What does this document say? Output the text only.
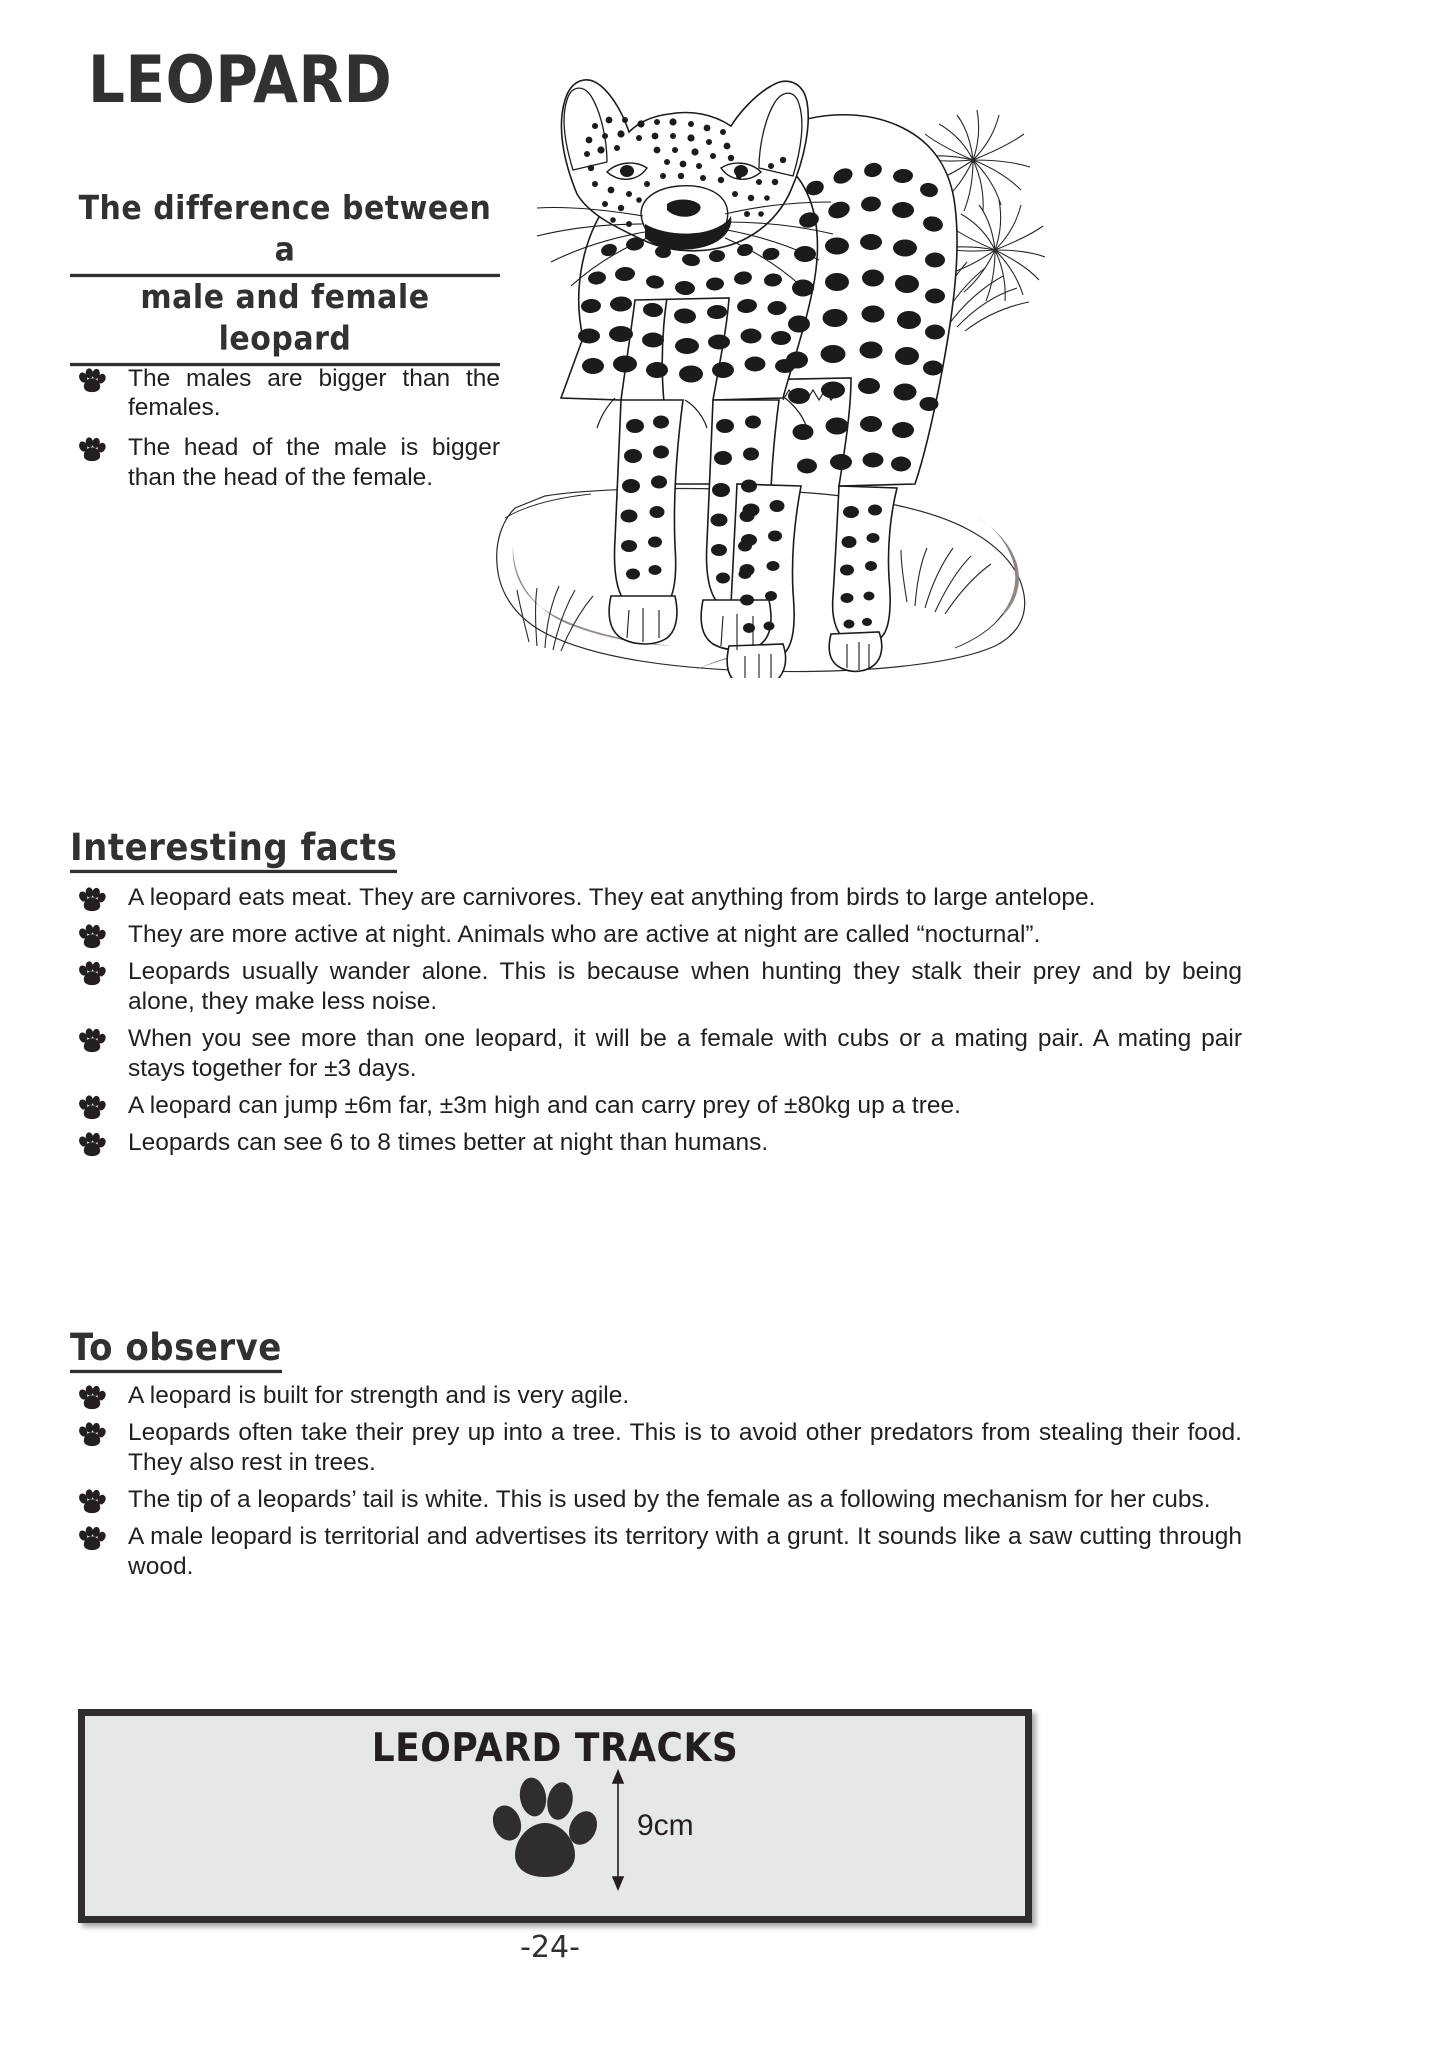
LEOPARD
The difference between a
male and female leopard
The males are bigger than the females.
The head of the male is bigger than the head of the female.
Interesting facts
A leopard eats meat. They are carnivores. They eat anything from birds to large antelope.
They are more active at night. Animals who are active at night are called “nocturnal”.
Leopards usually wander alone. This is because when hunting they stalk their prey and by being alone, they make less noise.
When you see more than one leopard, it will be a female with cubs or a mating pair. A mating pair stays together for ±3 days.
A leopard can jump ±6m far, ±3m high and can carry prey of ±80kg up a tree.
Leopards can see 6 to 8 times better at night than humans.
To observe
A leopard is built for strength and is very agile.
Leopards often take their prey up into a tree. This is to avoid other predators from stealing their food. They also rest in trees.
The tip of a leopards’ tail is white. This is used by the female as a following mechanism for her cubs.
A male leopard is territorial and advertises its territory with a grunt. It sounds like a saw cutting through wood.
LEOPARD TRACKS
9cm
-24-
